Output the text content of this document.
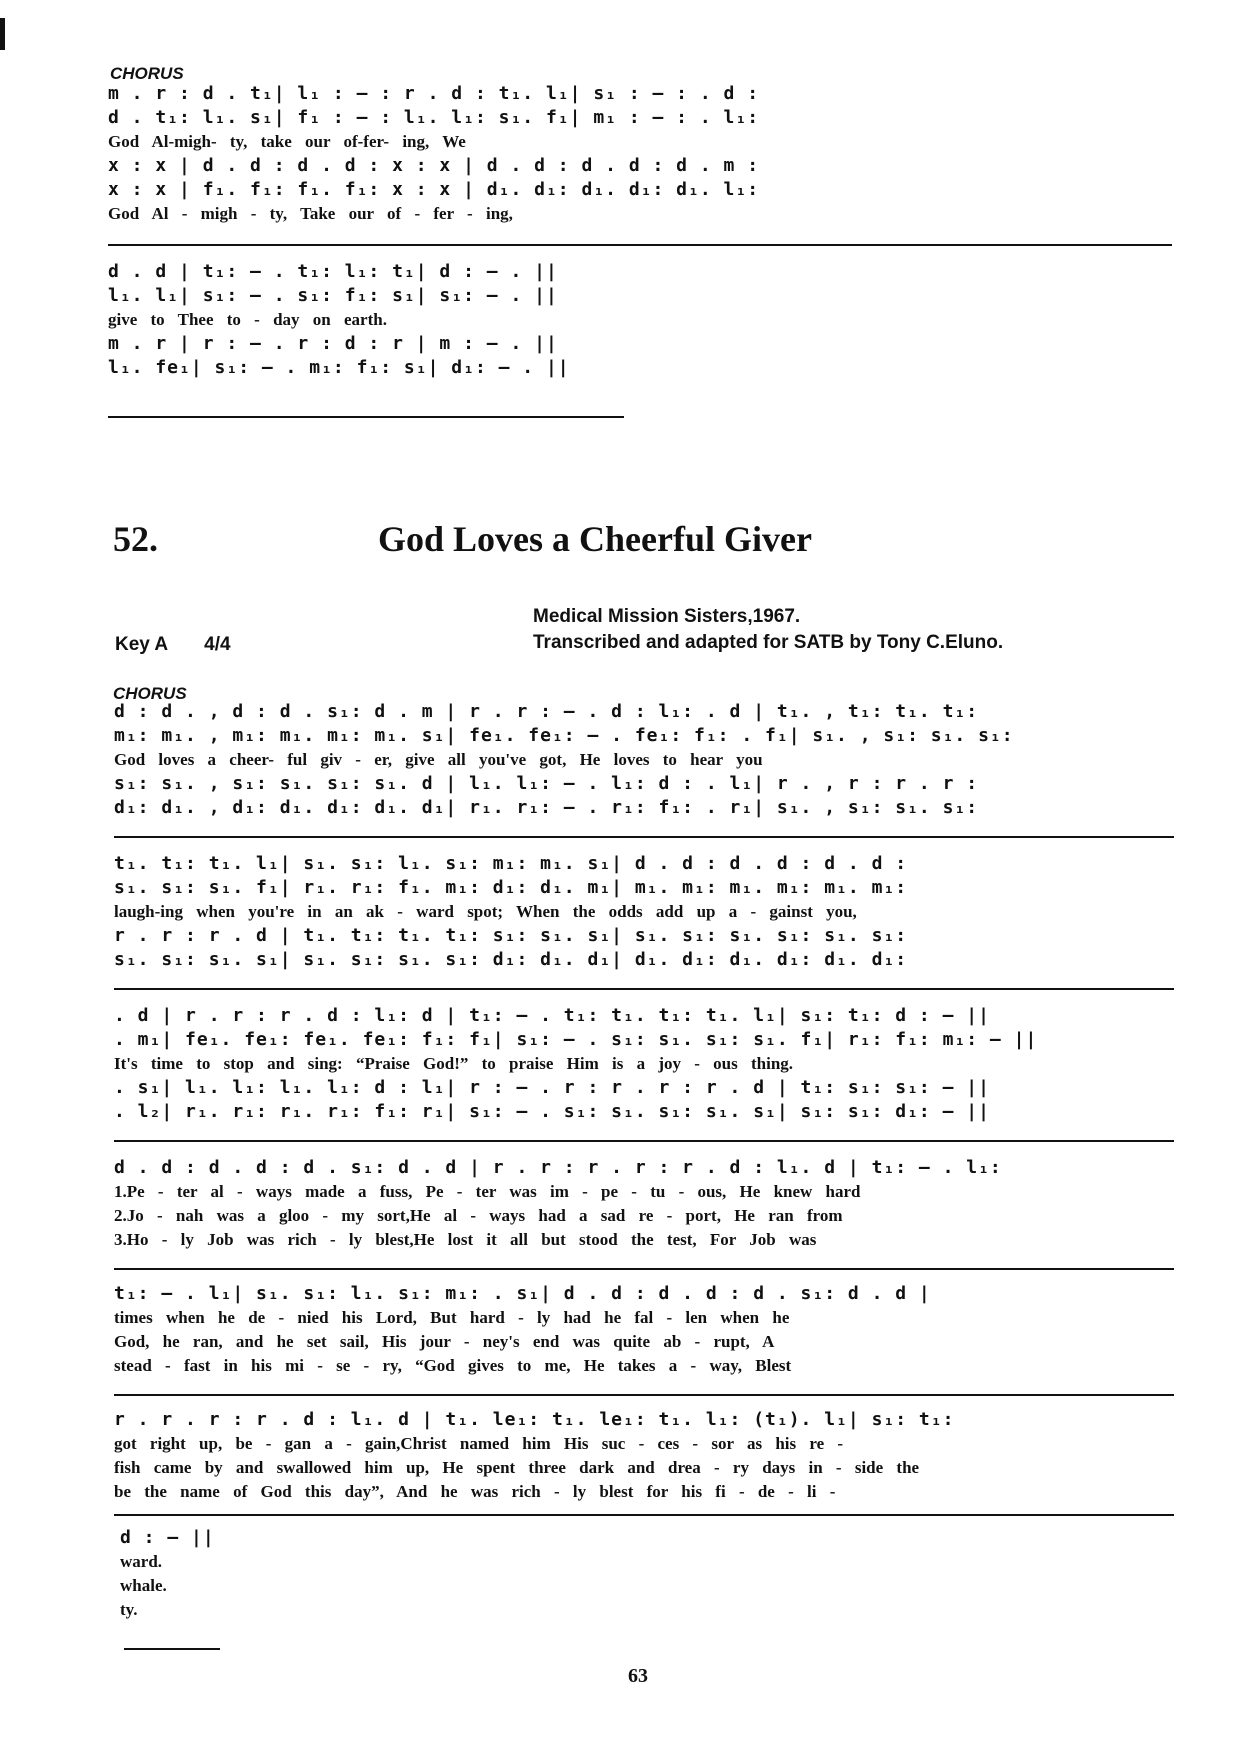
CHORUS
m . r : d . t₁| l₁ : — : r . d : t₁. l₁| s₁ : — : . d :
d . t₁: l₁. s₁| f₁ : — : l₁. l₁: s₁. f₁| m₁ : — : . l₁:
God Al-migh- ty, take our of-fer- ing, We
x : x | d . d : d . d : x : x | d . d : d . d : d . m :
x : x | f₁. f₁: f₁. f₁: x : x | d₁. d₁: d₁. d₁: d₁. l₁:
God Al - migh - ty, Take our of - fer - ing,
d . d | t₁: – . t₁: l₁: t₁| d : – . ||
l₁. l₁| s₁: – . s₁: f₁: s₁| s₁: – . ||
give to Thee to - day on earth.
m . r | r : – . r : d : r | m : – . ||
l₁. fe₁| s₁: – . m₁: f₁: s₁| d₁: – . ||
52.	God Loves a Cheerful Giver
Medical Mission Sisters,1967.
Transcribed and adapted for SATB by Tony C.Eluno.
Key A 4/4
CHORUS
d : d . , d : d . s₁: d . m | r . r : – . d : l₁: . d | t₁. , t₁: t₁. t₁:
m₁: m₁. , m₁: m₁. m₁: m₁. s₁| fe₁. fe₁: – . fe₁: f₁: . f₁| s₁. , s₁: s₁. s₁:
God loves a cheer- ful giv - er, give all you've got, He loves to hear you
s₁: s₁. , s₁: s₁. s₁: s₁. d | l₁. l₁: – . l₁: d : . l₁| r . , r : r . r :
d₁: d₁. , d₁: d₁. d₁: d₁. d₁| r₁. r₁: – . r₁: f₁: . r₁| s₁. , s₁: s₁. s₁:
t₁. t₁: t₁. l₁| s₁. s₁: l₁. s₁: m₁: m₁. s₁| d . d : d . d : d . d :
s₁. s₁: s₁. f₁| r₁. r₁: f₁. m₁: d₁: d₁. m₁| m₁. m₁: m₁. m₁: m₁. m₁:
laugh-ing when you're in an ak - ward spot; When the odds add up a - gainst you,
r . r : r . d | t₁. t₁: t₁. t₁: s₁: s₁. s₁| s₁. s₁: s₁. s₁: s₁. s₁:
s₁. s₁: s₁. s₁| s₁. s₁: s₁. s₁: d₁: d₁. d₁| d₁. d₁: d₁. d₁: d₁. d₁:
. d | r . r : r . d : l₁: d | t₁: – . t₁: t₁. t₁: t₁. l₁| s₁: t₁: d : – ||
. m₁| fe₁. fe₁: fe₁. fe₁: f₁: f₁| s₁: – . s₁: s₁. s₁: s₁. f₁| r₁: f₁: m₁: – ||
It's time to stop and sing: “Praise God!” to praise Him is a joy - ous thing.
. s₁| l₁. l₁: l₁. l₁: d : l₁| r : – . r : r . r : r . d | t₁: s₁: s₁: – ||
. l₂| r₁. r₁: r₁. r₁: f₁: r₁| s₁: – . s₁: s₁. s₁: s₁. s₁| s₁: s₁: d₁: – ||
d . d : d . d : d . s₁: d . d | r . r : r . r : r . d : l₁. d | t₁: – . l₁:
1.Pe - ter al - ways made a fuss, Pe - ter was im - pe - tu - ous, He knew hard
2.Jo - nah was a gloo - my sort,He al - ways had a sad re - port, He ran from
3.Ho - ly Job was rich - ly blest,He lost it all but stood the test, For Job was
t₁: – . l₁| s₁. s₁: l₁. s₁: m₁: . s₁| d . d : d . d : d . s₁: d . d |
times when he de - nied his Lord, But hard - ly had he fal - len when he
God, he ran, and he set sail, His jour - ney's end was quite ab - rupt, A
stead - fast in his mi - se - ry, “God gives to me, He takes a - way, Blest
r . r . r : r . d : l₁. d | t₁. le₁: t₁. le₁: t₁. l₁: (t₁). l₁| s₁: t₁:
got right up, be - gan a - gain,Christ named him His suc - ces - sor as his re -
fish came by and swallowed him up, He spent three dark and drea - ry days in - side the
be the name of God this day”, And he was rich - ly blest for his fi - de - li -
d : – ||
ward.
whale.
ty.
63
